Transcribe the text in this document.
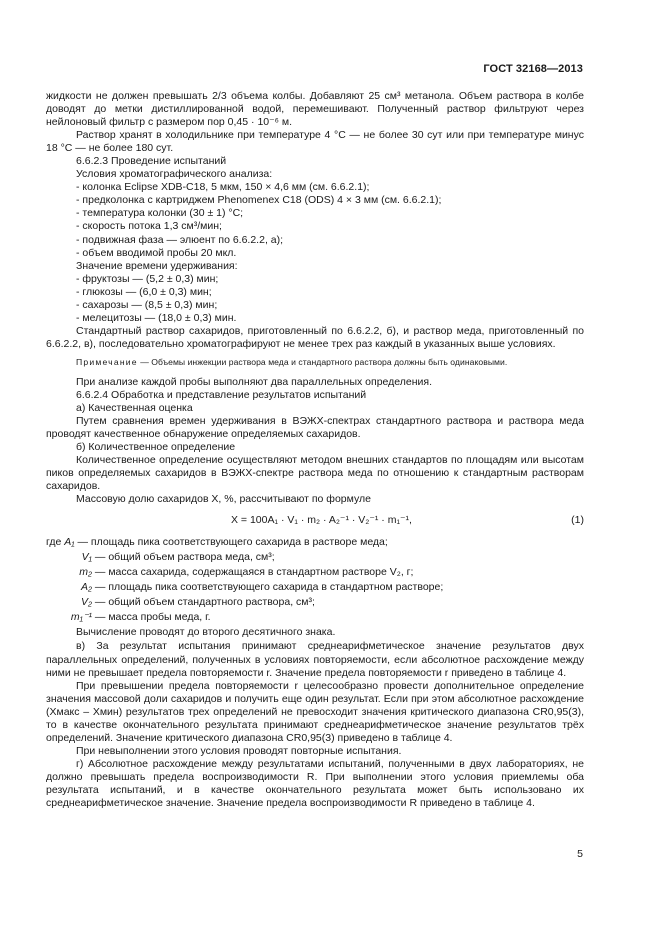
ГОСТ 32168—2013

жидкости не должен превышать 2/3 объема колбы. Добавляют 25 см³ метанола. Объем раствора в колбе доводят до метки дистиллированной водой, перемешивают. Полученный раствор фильтруют через нейлоновый фильтр с размером пор 0,45 · 10⁻⁶ м.

Раствор хранят в холодильнике при температуре 4 °C — не более 30 сут или при температуре минус 18 °C — не более 180 сут.

6.6.2.3 Проведение испытаний

Условия хроматографического анализа:

- колонка Eclipse XDB-C18, 5 мкм, 150 × 4,6 мм (см. 6.6.2.1);

- предколонка с картриджем Phenomenex C18 (ODS) 4 × 3 мм (см. 6.6.2.1);

- температура колонки (30 ± 1) °C;

- скорость потока 1,3 см³/мин;

- подвижная фаза — элюент по 6.6.2.2, а);

- объем вводимой пробы 20 мкл.

Значение времени удерживания:

- фруктозы — (5,2 ± 0,3) мин;

- глюкозы — (6,0 ± 0,3) мин;

- сахарозы — (8,5 ± 0,3) мин;

- мелецитозы — (18,0 ± 0,3) мин.

Стандартный раствор сахаридов, приготовленный по 6.6.2.2, б), и раствор меда, приготовленный по 6.6.2.2, в), последовательно хроматографируют не менее трех раз каждый в указанных выше условиях.

Примечание — Объемы инжекции раствора меда и стандартного раствора должны быть одинаковыми.

При анализе каждой пробы выполняют два параллельных определения.

6.6.2.4 Обработка и представление результатов испытаний

а) Качественная оценка

Путем сравнения времен удерживания в ВЭЖХ-спектрах стандартного раствора и раствора меда проводят качественное обнаружение определяемых сахаридов.

б) Количественное определение

Количественное определение осуществляют методом внешних стандартов по площадям или высотам пиков определяемых сахаридов в ВЭЖХ-спектре раствора меда по отношению к стандартным растворам сахаридов.

Массовую долю сахаридов X, %, рассчитывают по формуле

X = 100A₁ · V₁ · m₂ · A₂⁻¹ · V₂⁻¹ · m₁⁻¹,	(1)
где A₁ — площадь пика соответствующего сахарида в растворе меда;
V₁ — общий объем раствора меда, см³;
m₂ — масса сахарида, содержащаяся в стандартном растворе V₂, г;
A₂ — площадь пика соответствующего сахарида в стандартном растворе;
V₂ — общий объем стандартного раствора, см³;
m₁⁻¹ — масса пробы меда, г.
Вычисление проводят до второго десятичного знака.

в) За результат испытания принимают среднеарифметическое значение результатов двух параллельных определений, полученных в условиях повторяемости, если абсолютное расхождение между ними не превышает предела повторяемости r. Значение предела повторяемости r приведено в таблице 4.

При превышении предела повторяемости r целесообразно провести дополнительное определение значения массовой доли сахаридов и получить еще один результат. Если при этом абсолютное расхождение (Xмакс – Xмин) результатов трех определений не превосходит значения критического диапазона CR0,95(3), то в качестве окончательного результата принимают среднеарифметическое значение результатов трёх определений. Значение критического диапазона CR0,95(3) приведено в таблице 4.

При невыполнении этого условия проводят повторные испытания.

г) Абсолютное расхождение между результатами испытаний, полученными в двух лабораториях, не должно превышать предела воспроизводимости R. При выполнении этого условия приемлемы оба результата испытаний, и в качестве окончательного результата может быть использовано их среднеарифметическое значение. Значение предела воспроизводимости R приведено в таблице 4.

5
